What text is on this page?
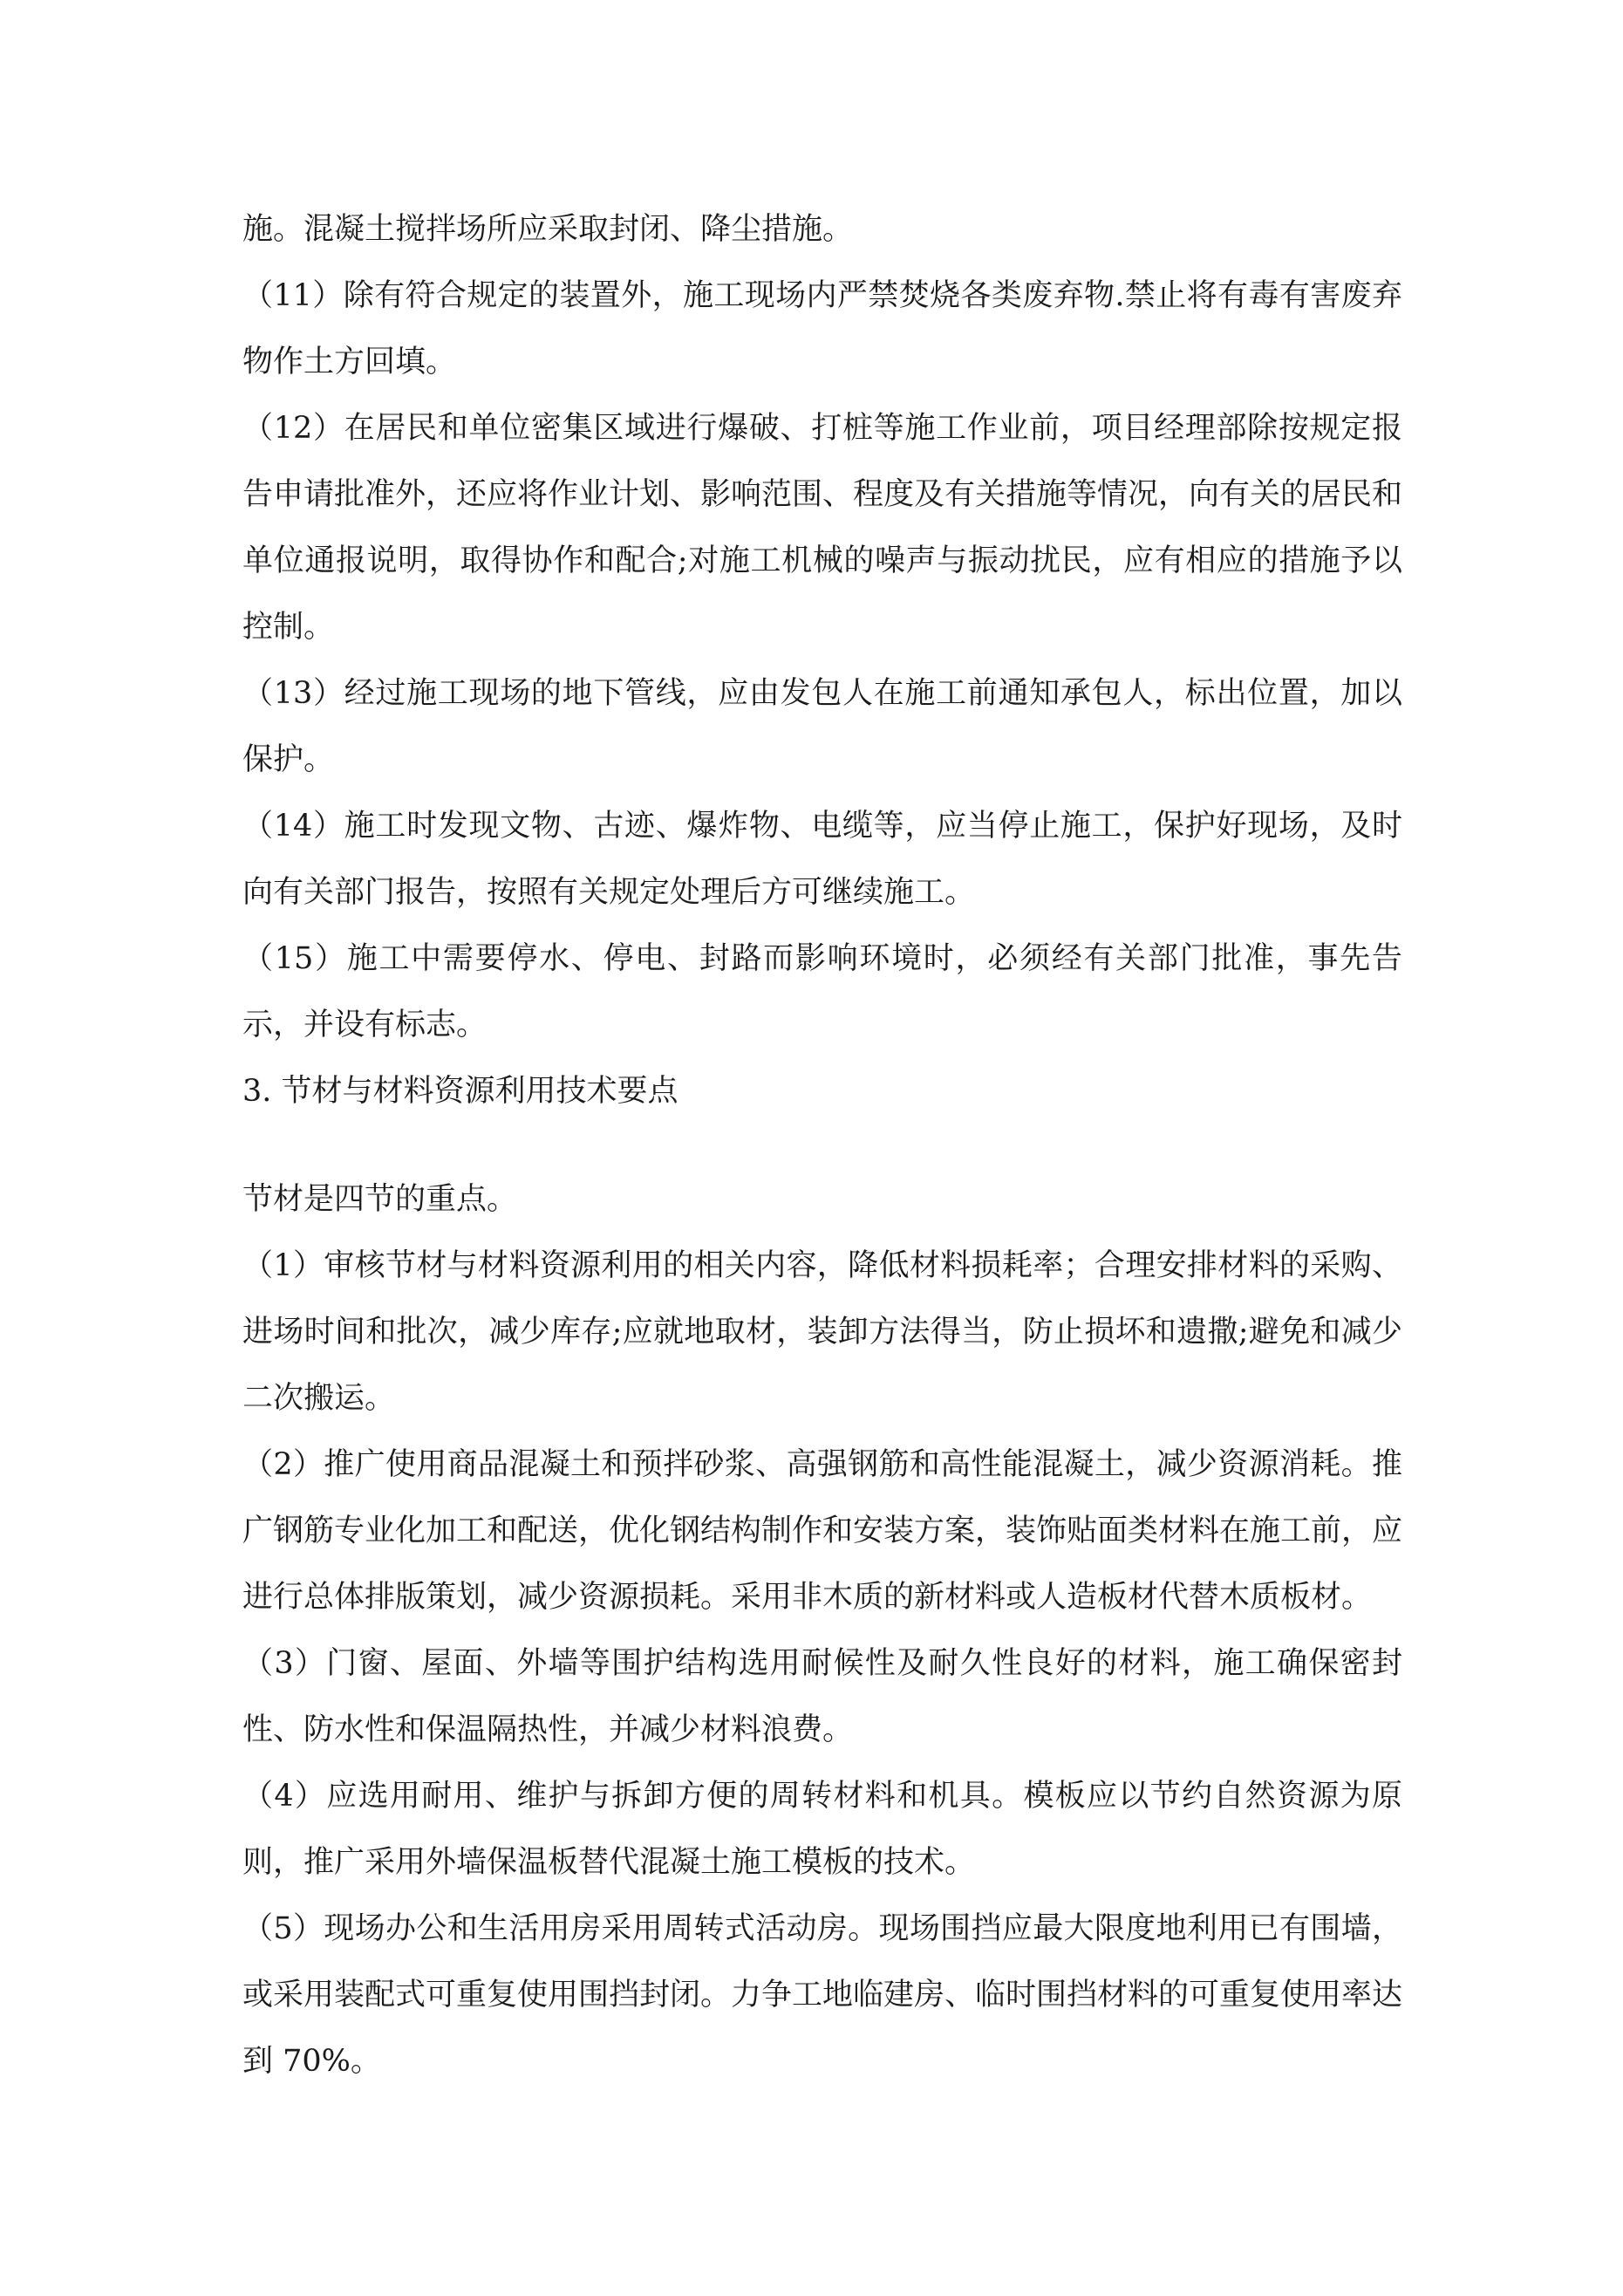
施。混凝土搅拌场所应采取封闭、降尘措施。

（11）除有符合规定的装置外，施工现场内严禁焚烧各类废弃物.禁止将有毒有害废弃物作土方回填。

（12）在居民和单位密集区域进行爆破、打桩等施工作业前，项目经理部除按规定报告申请批准外，还应将作业计划、影响范围、程度及有关措施等情况，向有关的居民和单位通报说明，取得协作和配合;对施工机械的噪声与振动扰民，应有相应的措施予以控制。

（13）经过施工现场的地下管线，应由发包人在施工前通知承包人，标出位置，加以保护。

（14）施工时发现文物、古迹、爆炸物、电缆等，应当停止施工，保护好现场，及时向有关部门报告，按照有关规定处理后方可继续施工。

（15）施工中需要停水、停电、封路而影响环境时，必须经有关部门批准，事先告示，并设有标志。

3. 节材与材料资源利用技术要点

节材是四节的重点。

（1）审核节材与材料资源利用的相关内容，降低材料损耗率；合理安排材料的采购、进场时间和批次，减少库存;应就地取材，装卸方法得当，防止损坏和遗撒;避免和减少二次搬运。

（2）推广使用商品混凝土和预拌砂浆、高强钢筋和高性能混凝土，减少资源消耗。推广钢筋专业化加工和配送，优化钢结构制作和安装方案，装饰贴面类材料在施工前，应进行总体排版策划，减少资源损耗。采用非木质的新材料或人造板材代替木质板材。

（3）门窗、屋面、外墙等围护结构选用耐候性及耐久性良好的材料，施工确保密封性、防水性和保温隔热性，并减少材料浪费。

（4）应选用耐用、维护与拆卸方便的周转材料和机具。模板应以节约自然资源为原则，推广采用外墙保温板替代混凝土施工模板的技术。

（5）现场办公和生活用房采用周转式活动房。现场围挡应最大限度地利用已有围墙，或采用装配式可重复使用围挡封闭。力争工地临建房、临时围挡材料的可重复使用率达到 70%。
